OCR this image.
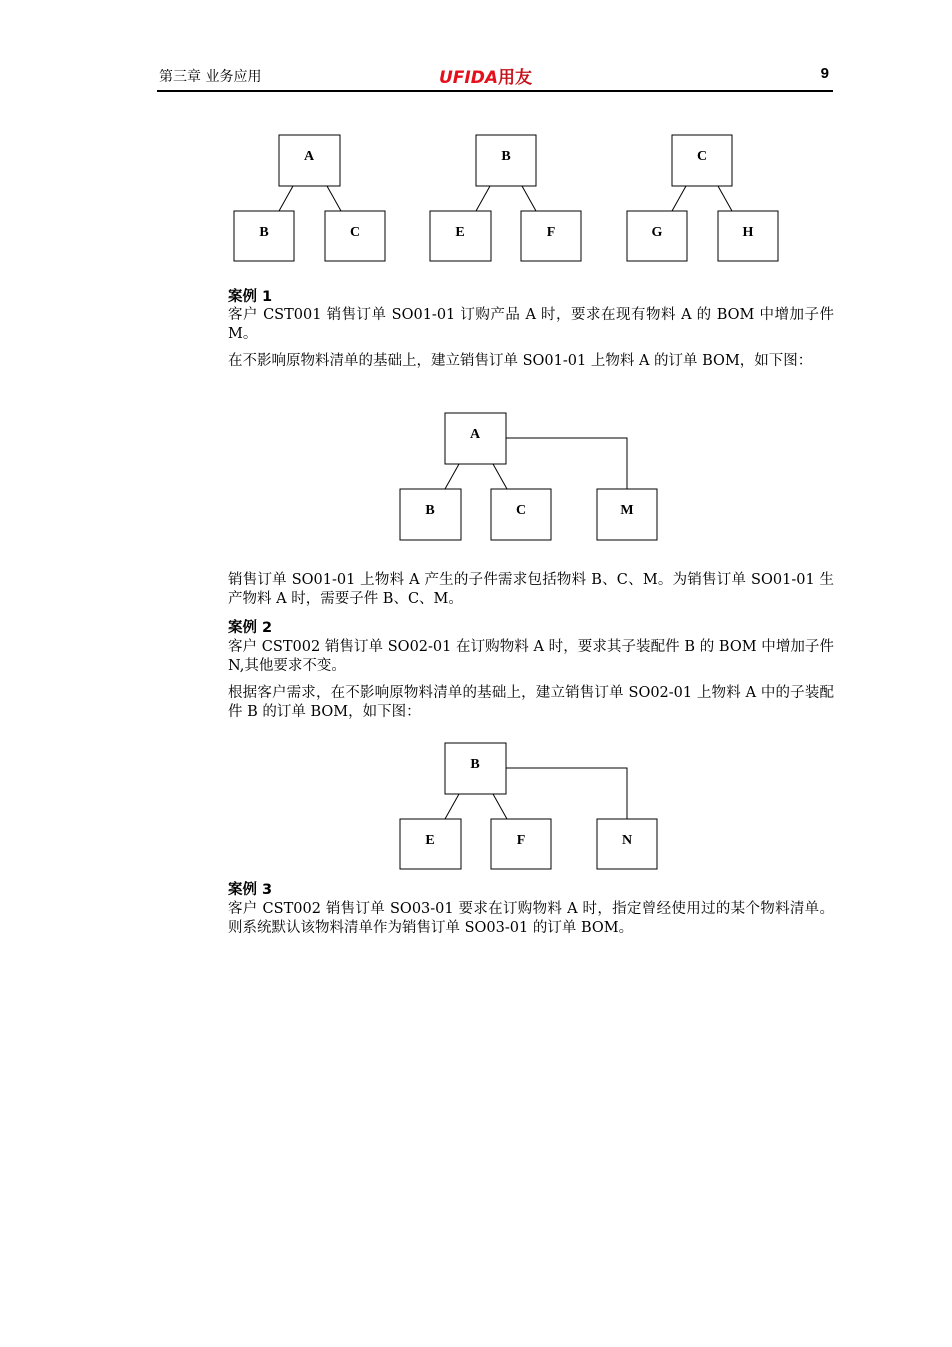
第三章 业务应用	UFIDA用友	9
A
B	C
B
E	F
C
G	H
案例 1
客户 CST001 销售订单 SO01-01 订购产品 A 时，要求在现有物料 A 的 BOM 中增加子件 M。
在不影响原物料清单的基础上，建立销售订单 SO01-01 上物料 A 的订单 BOM，如下图：
A
B	C	M
销售订单 SO01-01 上物料 A 产生的子件需求包括物料 B、C、M。为销售订单 SO01-01 生产物料 A 时，需要子件 B、C、M。
案例 2
客户 CST002 销售订单 SO02-01 在订购物料 A 时，要求其子装配件 B 的 BOM 中增加子件 N,其他要求不变。
根据客户需求，在不影响原物料清单的基础上，建立销售订单 SO02-01 上物料 A 中的子装配件 B 的订单 BOM，如下图：
B
E	F	N
案例 3
客户 CST002 销售订单 SO03-01 要求在订购物料 A 时，指定曾经使用过的某个物料清单。则系统默认该物料清单作为销售订单 SO03-01 的订单 BOM。
